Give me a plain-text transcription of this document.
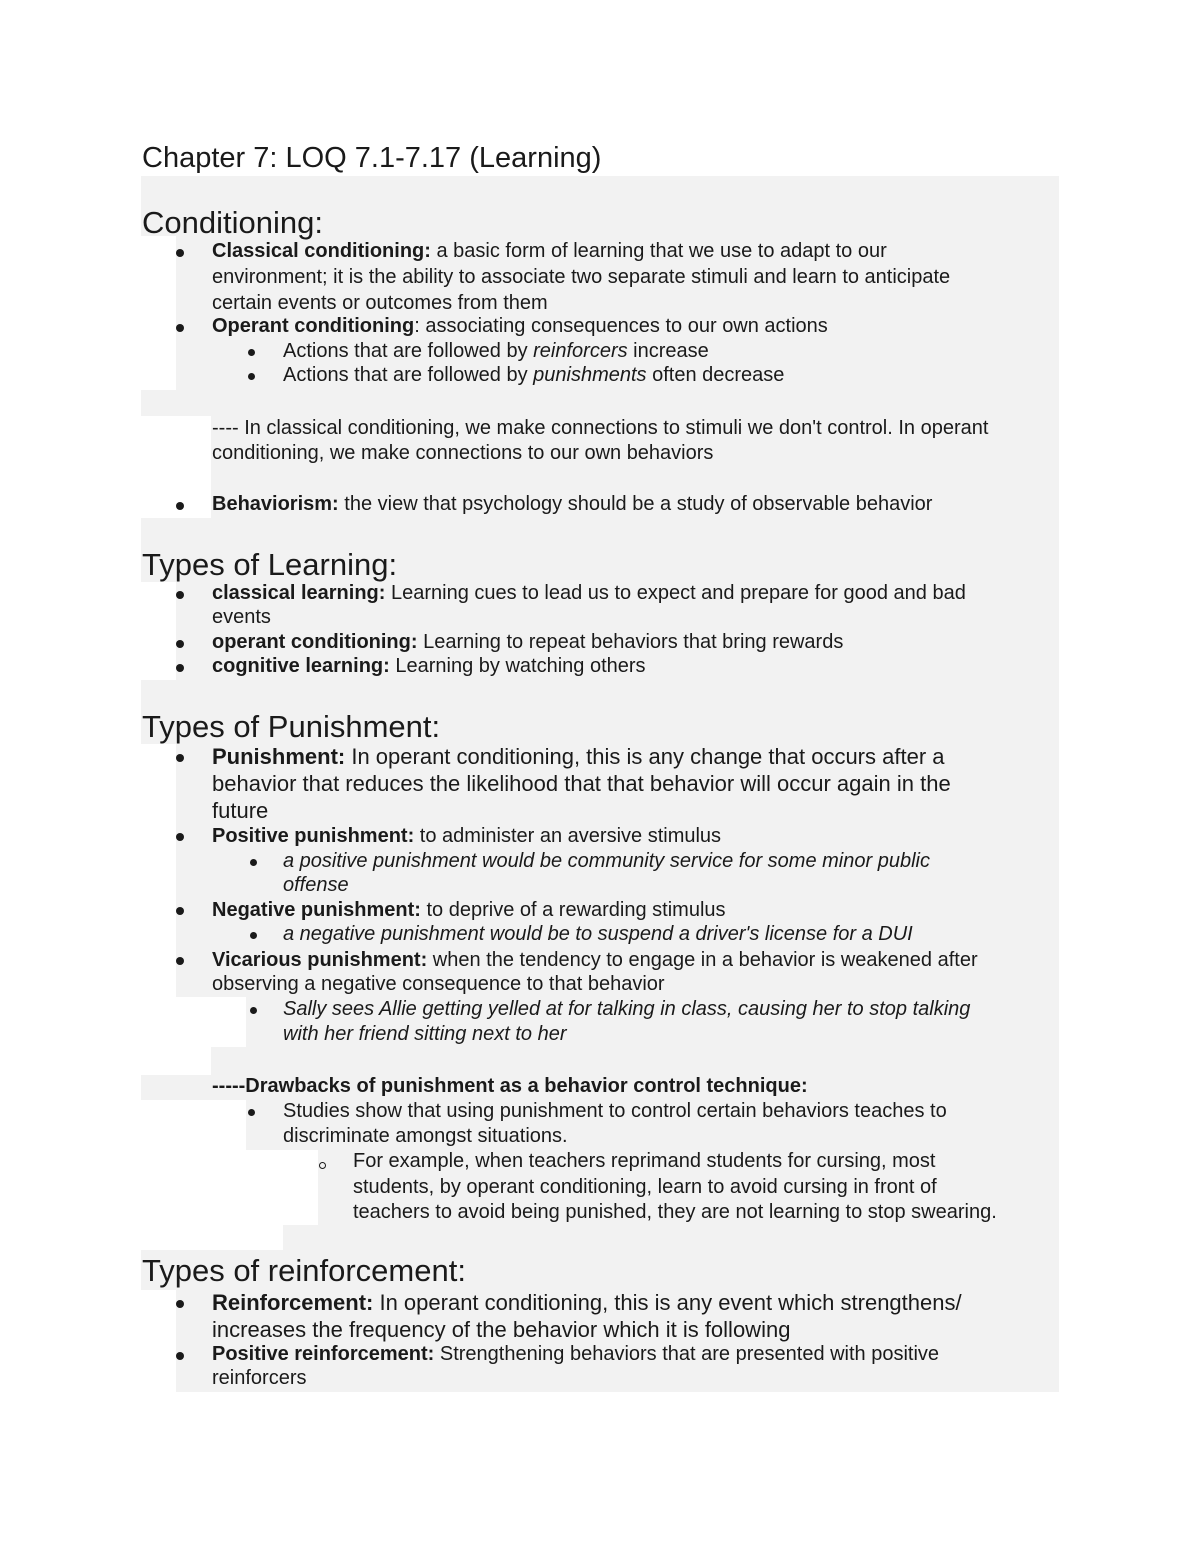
Chapter 7: LOQ 7.1-7.17 (Learning)
Conditioning:
Classical conditioning: a basic form of learning that we use to adapt to our
environment; it is the ability to associate two separate stimuli and learn to anticipate
certain events or outcomes from them
Operant conditioning: associating consequences to our own actions
Actions that are followed by reinforcers increase
Actions that are followed by punishments often decrease
---- In classical conditioning, we make connections to stimuli we don't control. In operant
conditioning, we make connections to our own behaviors
Behaviorism: the view that psychology should be a study of observable behavior
Types of Learning:
classical learning: Learning cues to lead us to expect and prepare for good and bad
events
operant conditioning: Learning to repeat behaviors that bring rewards
cognitive learning: Learning by watching others
Types of Punishment:
Punishment: In operant conditioning, this is any change that occurs after a
behavior that reduces the likelihood that that behavior will occur again in the
future
Positive punishment: to administer an aversive stimulus
a positive punishment would be community service for some minor public
offense
Negative punishment: to deprive of a rewarding stimulus
a negative punishment would be to suspend a driver's license for a DUI
Vicarious punishment: when the tendency to engage in a behavior is weakened after
observing a negative consequence to that behavior
Sally sees Allie getting yelled at for talking in class, causing her to stop talking
with her friend sitting next to her
-----Drawbacks of punishment as a behavior control technique:
Studies show that using punishment to control certain behaviors teaches to
discriminate amongst situations.
For example, when teachers reprimand students for cursing, most
students, by operant conditioning, learn to avoid cursing in front of
teachers to avoid being punished, they are not learning to stop swearing.
Types of reinforcement:
Reinforcement: In operant conditioning, this is any event which strengthens/
increases the frequency of the behavior which it is following
Positive reinforcement: Strengthening behaviors that are presented with positive
reinforcers
